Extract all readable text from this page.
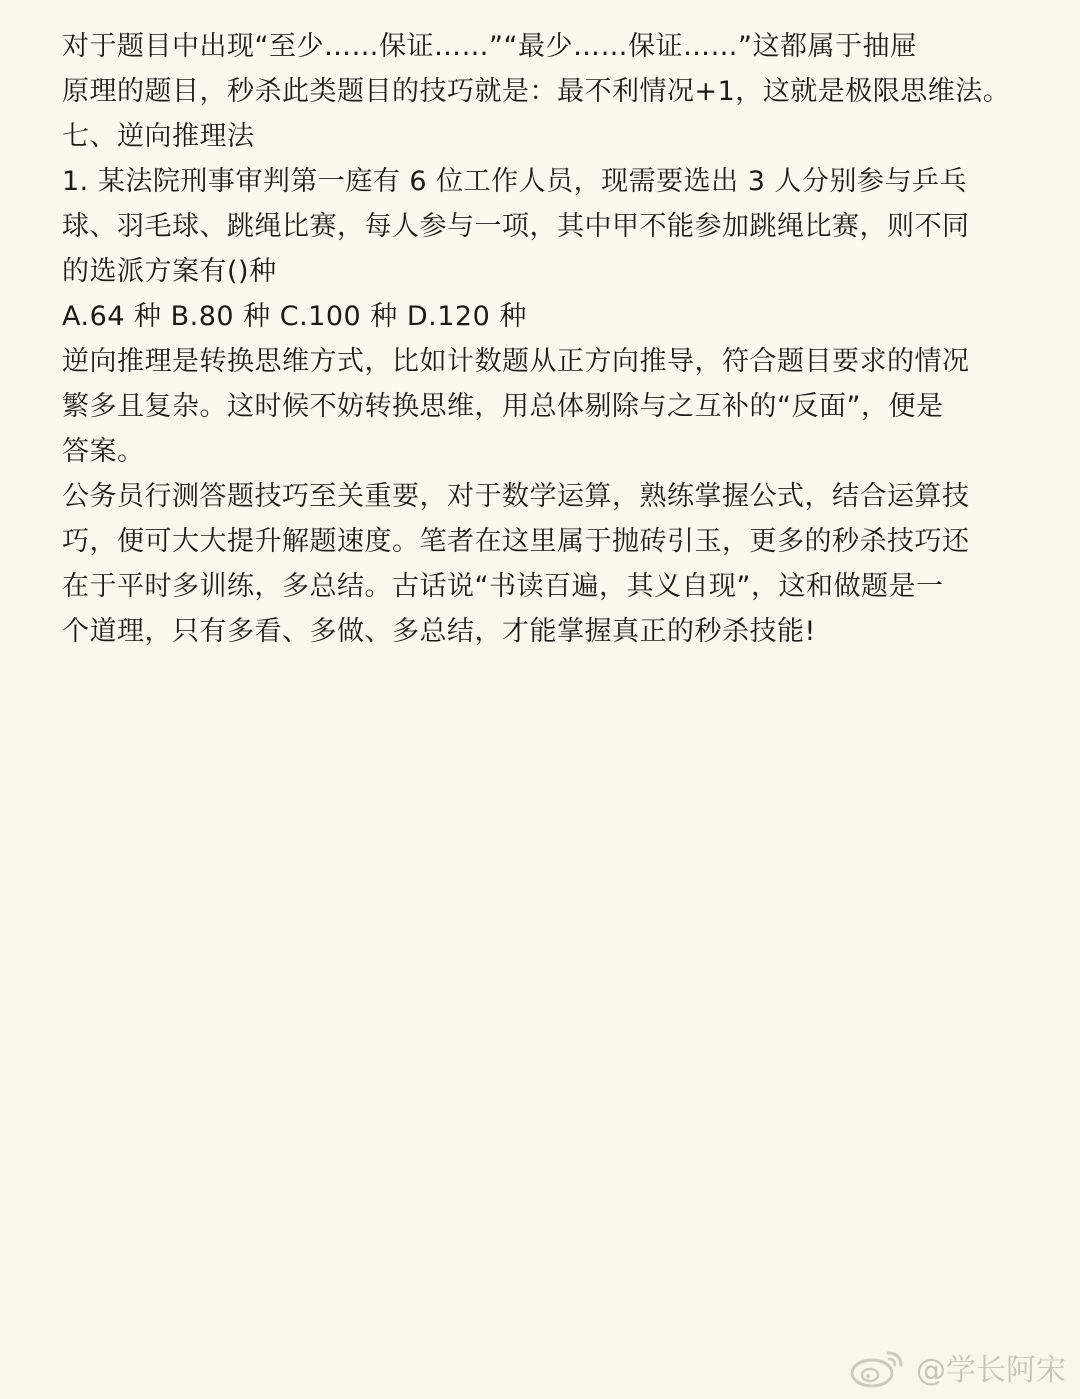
对于题目中出现“至少……保证……”“最少……保证……”这都属于抽屉

原理的题目，秒杀此类题目的技巧就是：最不利情况+1，这就是极限思维法。

七、逆向推理法

1. 某法院刑事审判第一庭有 6 位工作人员，现需要选出 3 人分别参与乒乓

球、羽毛球、跳绳比赛，每人参与一项，其中甲不能参加跳绳比赛，则不同

的选派方案有()种

A.64 种 B.80 种 C.100 种 D.120 种

逆向推理是转换思维方式，比如计数题从正方向推导，符合题目要求的情况

繁多且复杂。这时候不妨转换思维，用总体剔除与之互补的“反面”，便是

答案。

公务员行测答题技巧至关重要，对于数学运算，熟练掌握公式，结合运算技

巧，便可大大提升解题速度。笔者在这里属于抛砖引玉，更多的秒杀技巧还

在于平时多训练，多总结。古话说“书读百遍，其义自现”，这和做题是一

个道理，只有多看、多做、多总结，才能掌握真正的秒杀技能!

@学长阿宋
